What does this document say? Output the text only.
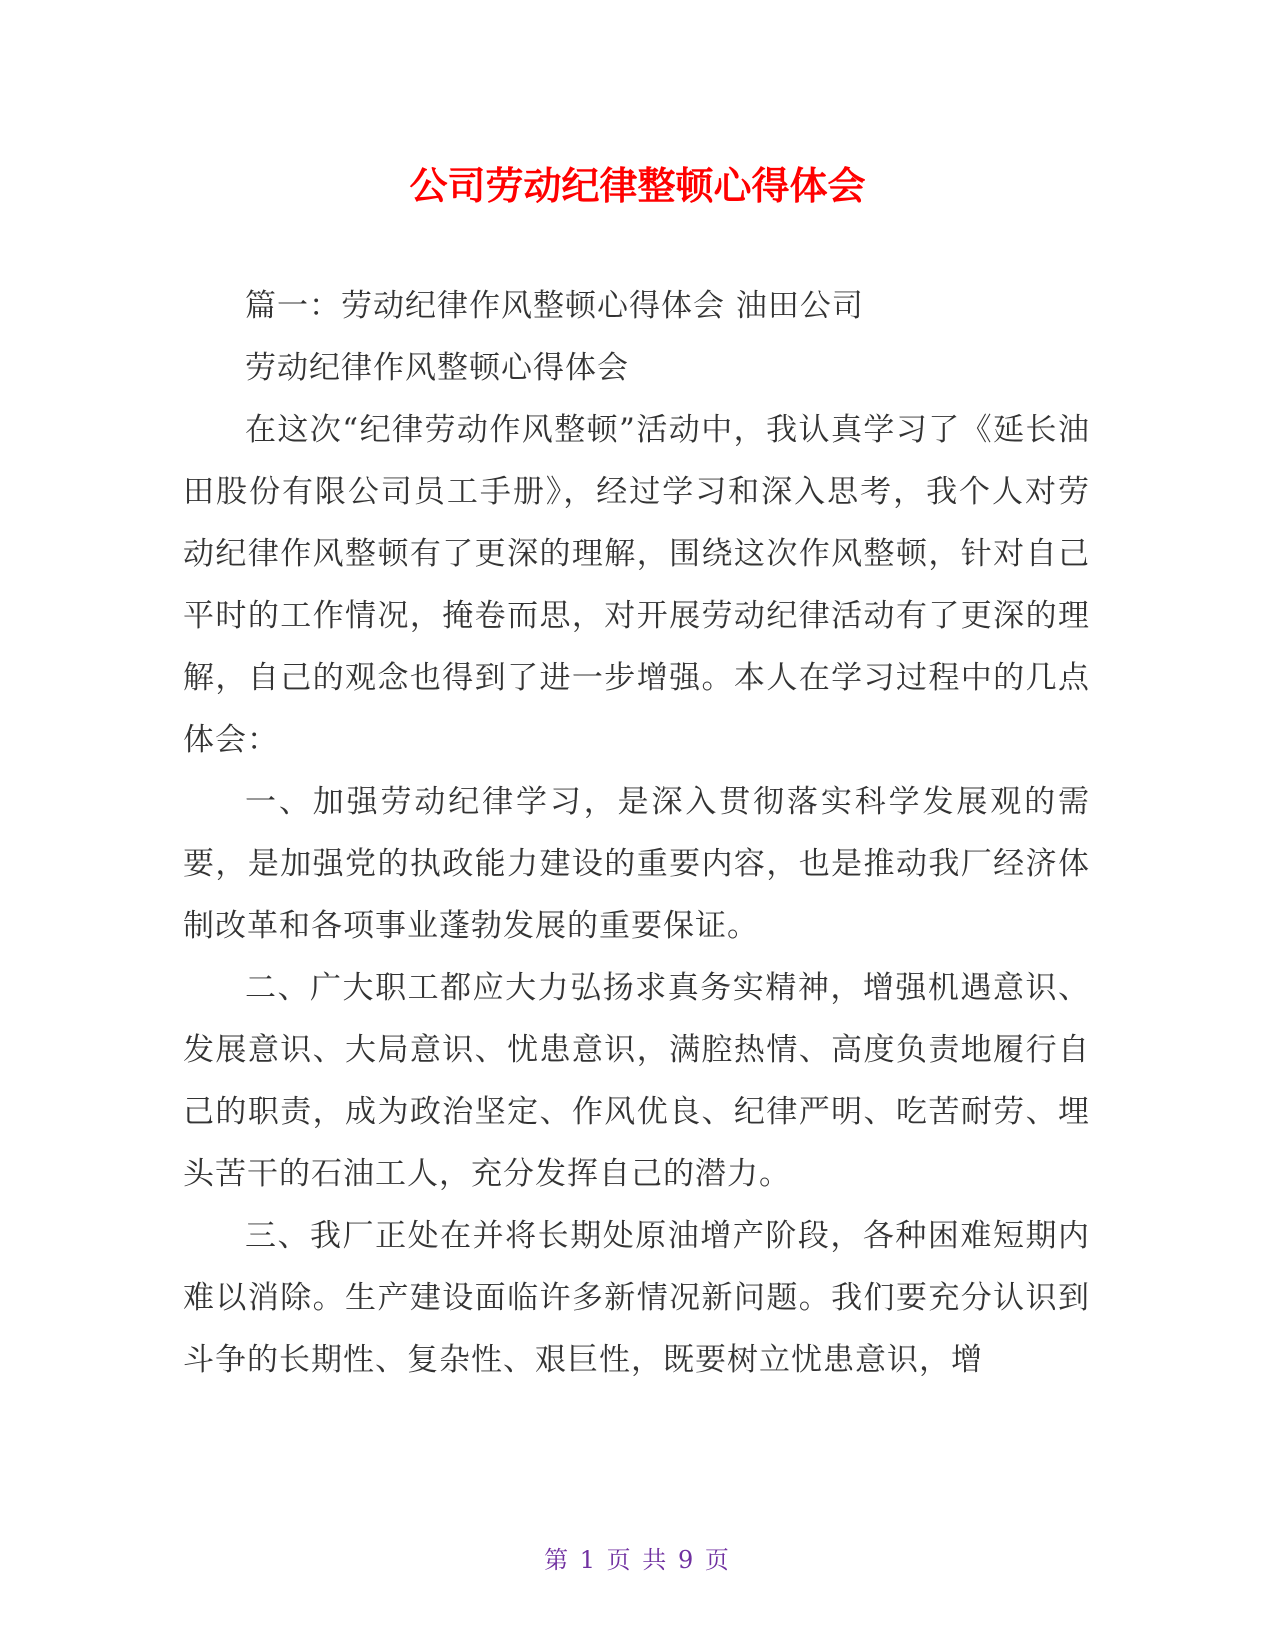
公司劳动纪律整顿心得体会

篇一：劳动纪律作风整顿心得体会 油田公司

劳动纪律作风整顿心得体会

在这次“纪律劳动作风整顿”活动中，我认真学习了《延长油田股份有限公司员工手册》，经过学习和深入思考，我个人对劳动纪律作风整顿有了更深的理解，围绕这次作风整顿，针对自己平时的工作情况，掩卷而思，对开展劳动纪律活动有了更深的理解，自己的观念也得到了进一步增强。本人在学习过程中的几点体会：

一、加强劳动纪律学习，是深入贯彻落实科学发展观的需要，是加强党的执政能力建设的重要内容，也是推动我厂经济体制改革和各项事业蓬勃发展的重要保证。

二、广大职工都应大力弘扬求真务实精神，增强机遇意识、发展意识、大局意识、忧患意识，满腔热情、高度负责地履行自己的职责，成为政治坚定、作风优良、纪律严明、吃苦耐劳、埋头苦干的石油工人，充分发挥自己的潜力。

三、我厂正处在并将长期处原油增产阶段，各种困难短期内难以消除。生产建设面临许多新情况新问题。我们要充分认识到斗争的长期性、复杂性、艰巨性，既要树立忧患意识，增

第 1 页 共 9 页
